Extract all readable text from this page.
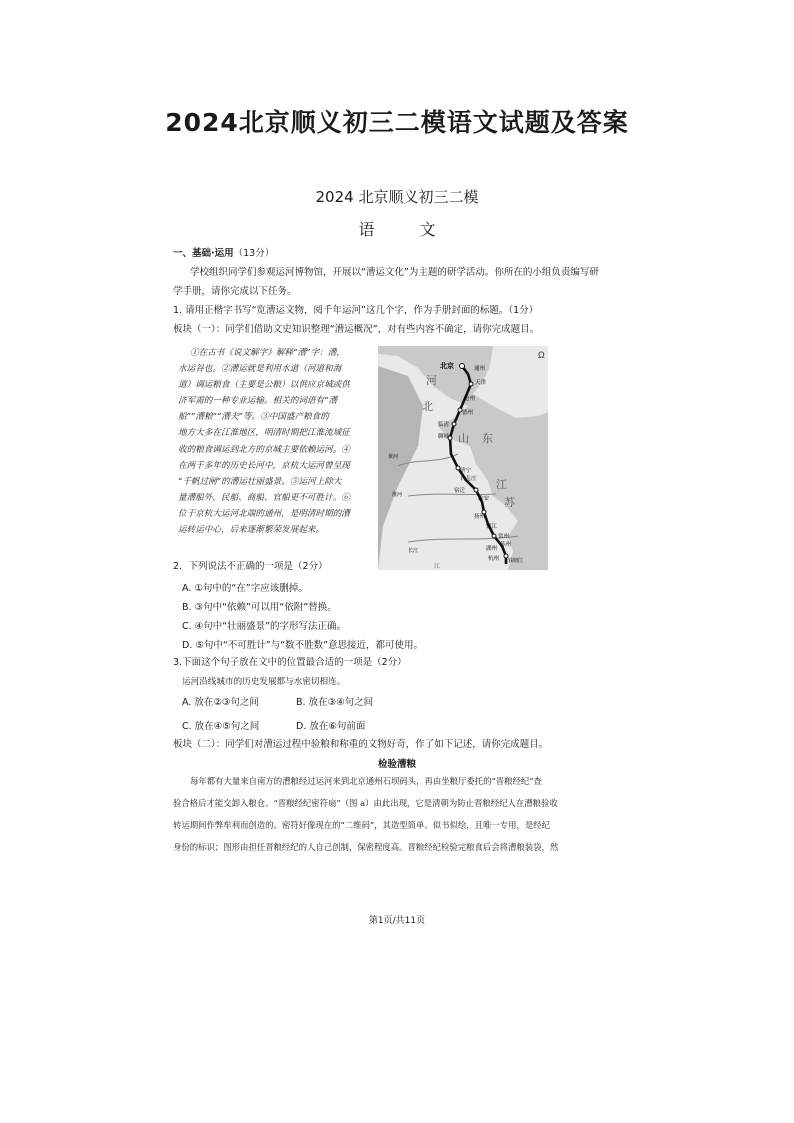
2024北京顺义初三二模语文试题及答案
2024 北京顺义初三二模
语 文
一、基础·运用（13分）
学校组织同学们参观运河博物馆，开展以“漕运文化”为主题的研学活动。你所在的小组负责编写研
学手册，请你完成以下任务。
1. 请用正楷字书写“览漕运文物，阅千年运河”这几个字，作为手册封面的标题。（1分）
板块（一）：同学们借助文史知识整理“漕运概况”，对有些内容不确定，请你完成题目。

①在古书《说文解字》解释“漕”字：漕，

水运谷也。②漕运就是利用水道（河道和海

道）调运粮食（主要是公粮）以供应京城或供

济军需的一种专业运输。相关的词语有“漕

船”“漕粮”“漕夫”等。③中国盛产粮食的

地方大多在江淮地区，明清时期把江淮流域征

收的粮食调运到北方的京城主要依赖运河。④

在两千多年的历史长河中，京杭大运河曾呈现

“千帆过闸”的漕运壮丽盛景。⑤运河上除大

量漕船外，民船、商船、官船更不可胜计。⑥

位于京杭大运河北端的通州，是明清时期的漕

运转运中心，后来逐渐繁荣发展起来。

北京	通州
天津
沧州
德州
临清
聊城
济宁
台儿庄
宿迁
淮安
扬州
镇江
常州
苏州
湖州
杭州 钱塘江
黄河
淮河
长江
河
北
山 东
江
苏
江
Ω
2．下列说法不正确的一项是（2分）
A. ①句中的“在”字应该删掉。
B. ③句中“依赖”可以用“依附”替换。
C. ④句中“壮丽盛景”的字形写法正确。
D. ⑤句中“不可胜计”与“数不胜数”意思接近，都可使用。
3.下面这个句子放在文中的位置最合适的一项是（2分）
运河沿线城市的历史发展都与水密切相连。
A. 放在②③句之间	B. 放在③④句之间
C. 放在④⑤句之间	D. 放在⑥句前面
板块（二）：同学们对漕运过程中验粮和称重的文物好奇，作了如下记述，请你完成题目。
检验漕粮
每年都有大量来自南方的漕粮经过运河来到北京通州石坝码头，再由坐粮厅委托的“晋粮经纪”查
验合格后才能交卸入粮仓。“晋粮经纪密符扇”（图 a）由此出现，它是清朝为防止晋粮经纪人在漕粮验收
转运期间作弊牟利而创造的。密符好像现在的“二维码”，其造型简单、似书似绘，且唯一专用，是经纪
身份的标识；图形由担任晋粮经纪的人自己创制，保密程度高。晋粮经纪检验完粮食后会将漕粮装袋，然
第1页/共11页
